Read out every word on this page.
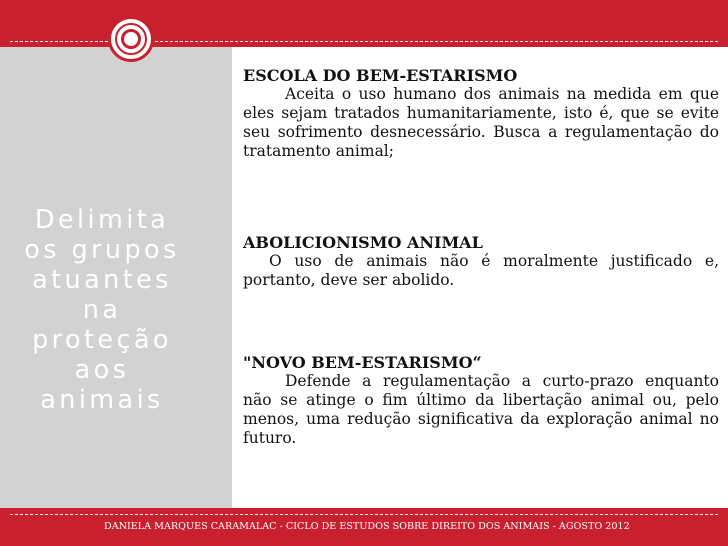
Delimita
os grupos
atuantes
na
proteção
aos
animais

ESCOLA DO BEM-ESTARISMO

Aceita o uso humano dos animais na medida em que eles sejam tratados humanitariamente, isto é, que se evite seu sofrimento desnecessário. Busca a regulamentação do tratamento animal;

ABOLICIONISMO ANIMAL

O uso de animais não é moralmente justificado e, portanto, deve ser abolido.

"NOVO BEM-ESTARISMO“

Defende a regulamentação a curto-prazo enquanto não se atinge o fim último da libertação animal ou, pelo menos, uma redução significativa da exploração animal no futuro.

DANIELA MARQUES CARAMALAC - CICLO DE ESTUDOS SOBRE DIREITO DOS ANIMAIS - AGOSTO 2012
